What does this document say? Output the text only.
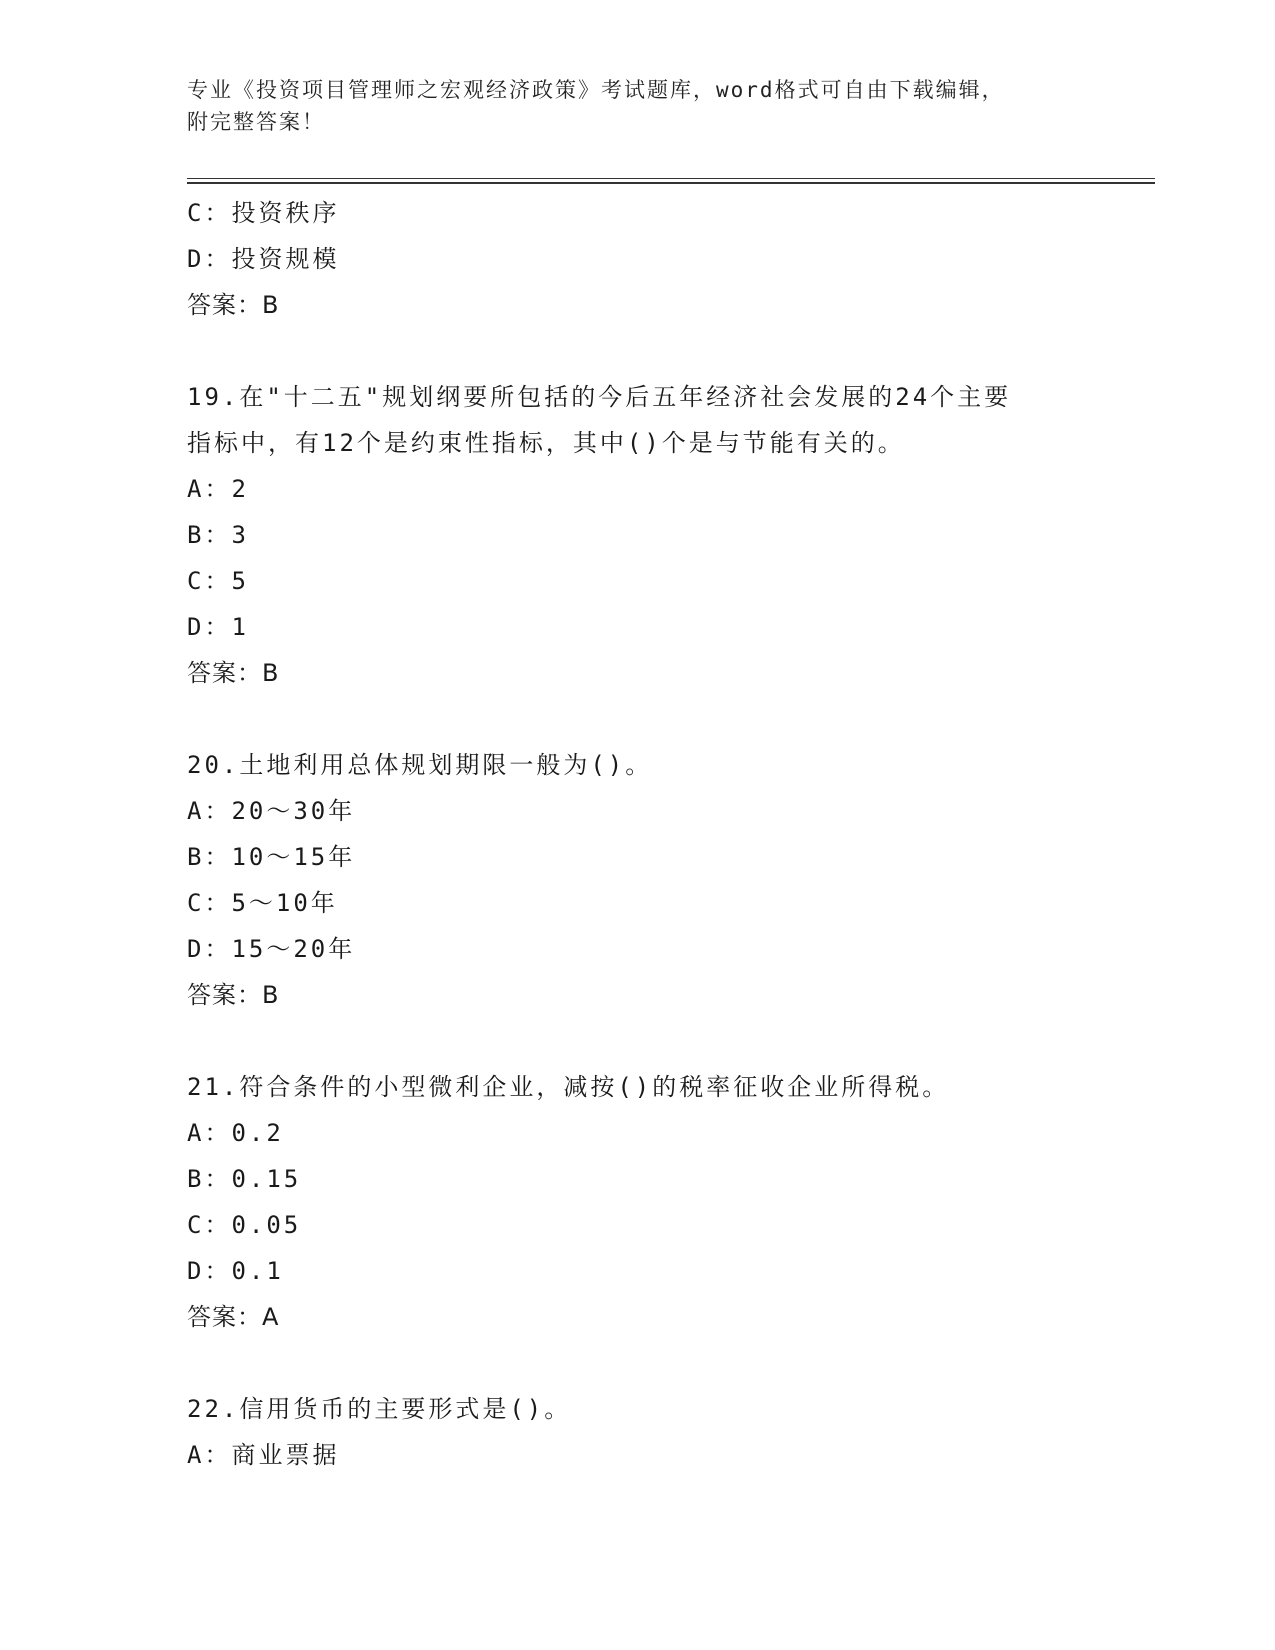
专业《投资项目管理师之宏观经济政策》考试题库，word格式可自由下载编辑，
附完整答案！
C：投资秩序
D：投资规模
答案：B
19.在"十二五"规划纲要所包括的今后五年经济社会发展的24个主要
指标中，有12个是约束性指标，其中()个是与节能有关的。
A：2
B：3
C：5
D：1
答案：B
20.土地利用总体规划期限一般为()。
A：20～30年
B：10～15年
C：5～10年
D：15～20年
答案：B
21.符合条件的小型微利企业，减按()的税率征收企业所得税。
A：0.2
B：0.15
C：0.05
D：0.1
答案：A
22.信用货币的主要形式是()。
A：商业票据
